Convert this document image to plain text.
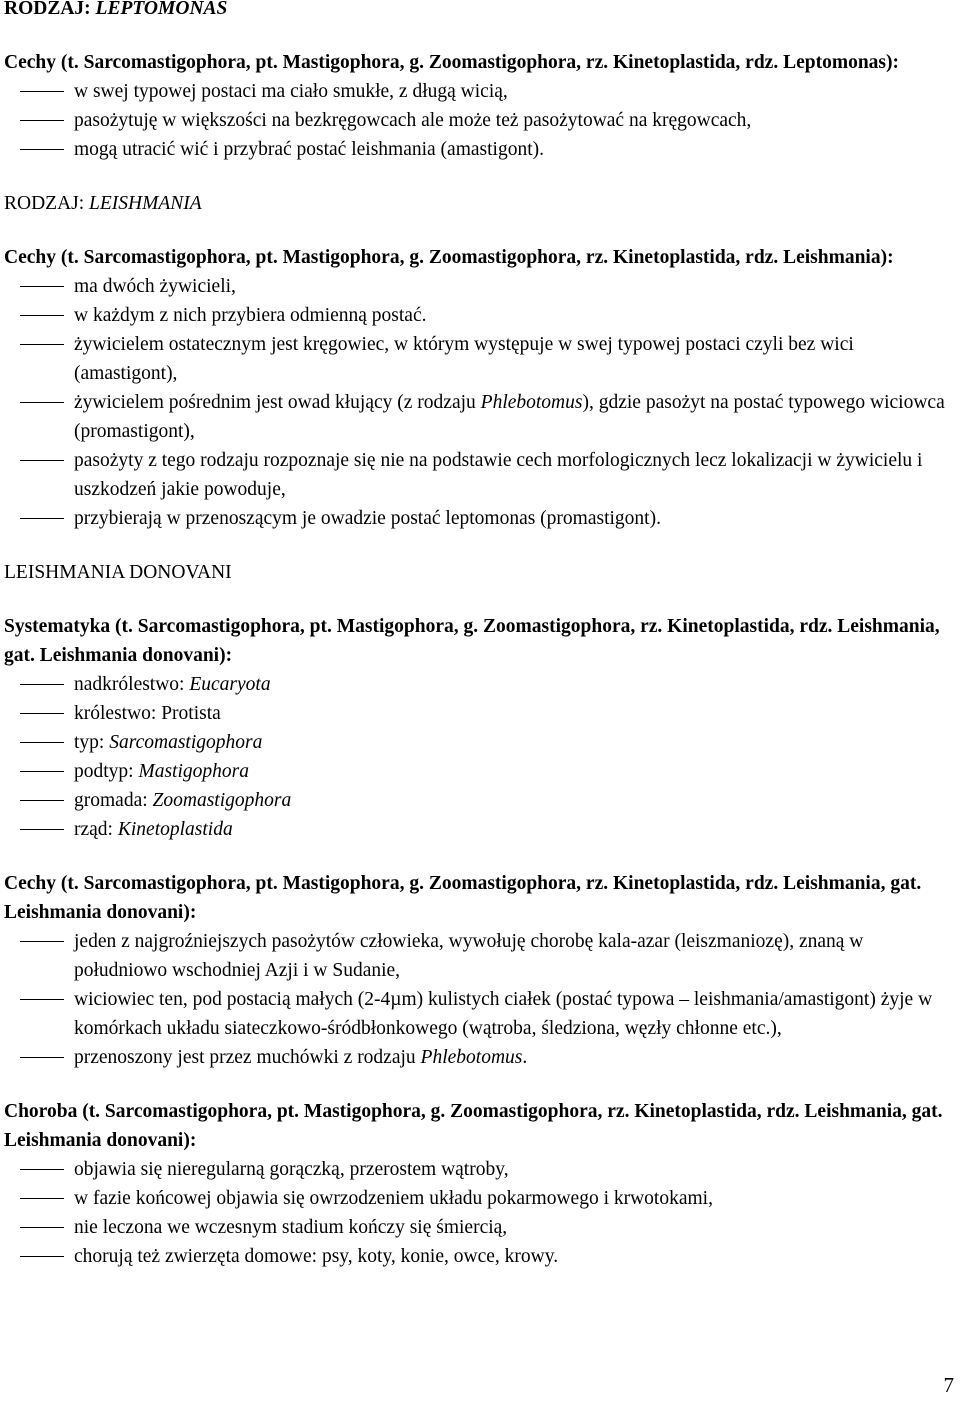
RODZAJ: LEPTOMONAS
Cechy (t. Sarcomastigophora, pt. Mastigophora, g. Zoomastigophora, rz. Kinetoplastida, rdz. Leptomonas):
w swej typowej postaci ma ciało smukłe, z długą wicią,
pasożytuję w większości na bezkręgowcach ale może też pasożytować na kręgowcach,
mogą utracić wić i przybrać postać leishmania (amastigont).
RODZAJ: LEISHMANIA
Cechy (t. Sarcomastigophora, pt. Mastigophora, g. Zoomastigophora, rz. Kinetoplastida, rdz. Leishmania):
ma dwóch żywicieli,
w każdym z nich przybiera odmienną postać.
żywicielem ostatecznym jest kręgowiec, w którym występuje w swej typowej postaci czyli bez wici (amastigont),
żywicielem pośrednim jest owad kłujący (z rodzaju Phlebotomus), gdzie pasożyt na postać typowego wiciowca (promastigont),
pasożyty z tego rodzaju rozpoznaje się nie na podstawie cech morfologicznych lecz lokalizacji w żywicielu i uszkodzeń jakie powoduje,
przybierają w przenoszącym je owadzie postać leptomonas (promastigont).
LEISHMANIA DONOVANI
Systematyka (t. Sarcomastigophora, pt. Mastigophora, g. Zoomastigophora, rz. Kinetoplastida, rdz. Leishmania, gat. Leishmania donovani):
nadkrólestwo: Eucaryota
królestwo: Protista
typ: Sarcomastigophora
podtyp: Mastigophora
gromada: Zoomastigophora
rząd: Kinetoplastida
Cechy (t. Sarcomastigophora, pt. Mastigophora, g. Zoomastigophora, rz. Kinetoplastida, rdz. Leishmania, gat. Leishmania donovani):
jeden z najgroźniejszych pasożytów człowieka, wywołuję chorobę kala-azar (leiszmaniozę), znaną w południowo wschodniej Azji i w Sudanie,
wiciowiec ten, pod postacią małych (2-4µm) kulistych ciałek (postać typowa – leishmania/amastigont) żyje w komórkach układu siateczkowo-śródbłonkowego (wątroba, śledziona, węzły chłonne etc.),
przenoszony jest przez muchówki z rodzaju Phlebotomus.
Choroba (t. Sarcomastigophora, pt. Mastigophora, g. Zoomastigophora, rz. Kinetoplastida, rdz. Leishmania, gat. Leishmania donovani):
objawia się nieregularną gorączką, przerostem wątroby,
w fazie końcowej objawia się owrzodzeniem układu pokarmowego i krwotokami,
nie leczona we wczesnym stadium kończy się śmiercią,
chorują też zwierzęta domowe: psy, koty, konie, owce, krowy.
7
